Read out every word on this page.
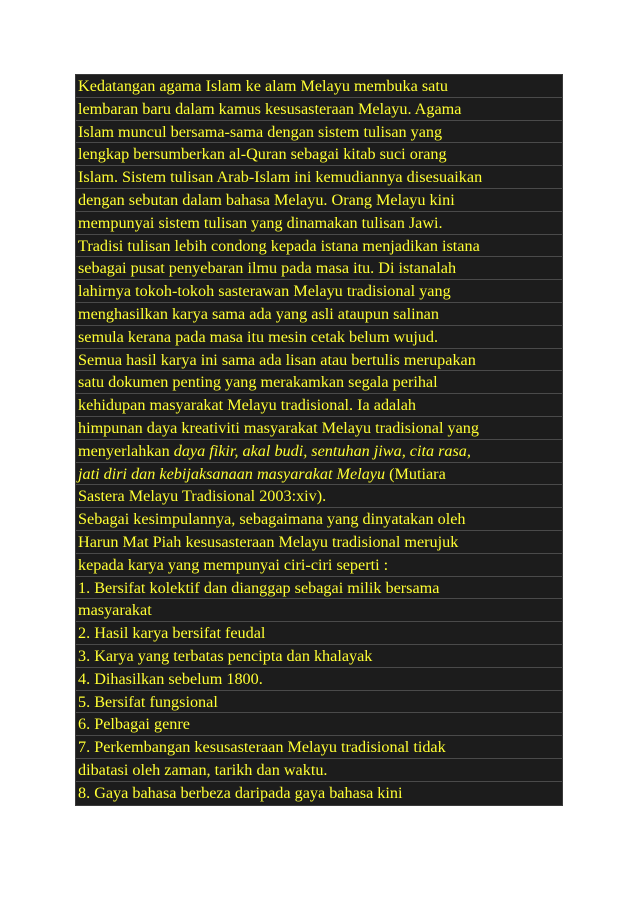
Kedatangan agama Islam ke alam Melayu membuka satu
lembaran baru dalam kamus kesusasteraan Melayu. Agama
Islam muncul bersama-sama dengan sistem tulisan yang
lengkap bersumberkan al-Quran sebagai kitab suci orang
Islam. Sistem tulisan Arab-Islam ini kemudiannya disesuaikan
dengan sebutan dalam bahasa Melayu. Orang Melayu kini
mempunyai sistem tulisan yang dinamakan tulisan Jawi.
Tradisi tulisan lebih condong kepada istana menjadikan istana
sebagai pusat penyebaran ilmu pada masa itu. Di istanalah
lahirnya tokoh-tokoh sasterawan Melayu tradisional yang
menghasilkan karya sama ada yang asli ataupun salinan
semula kerana pada masa itu mesin cetak belum wujud.
Semua hasil karya ini sama ada lisan atau bertulis merupakan
satu dokumen penting yang merakamkan segala perihal
kehidupan masyarakat Melayu tradisional. Ia adalah
himpunan daya kreativiti masyarakat Melayu tradisional yang
menyerlahkan daya fikir, akal budi, sentuhan jiwa, cita rasa,
jati diri dan kebijaksanaan masyarakat Melayu (Mutiara
Sastera Melayu Tradisional 2003:xiv).
Sebagai kesimpulannya, sebagaimana yang dinyatakan oleh
Harun Mat Piah kesusasteraan Melayu tradisional merujuk
kepada karya yang mempunyai ciri-ciri seperti :
1. Bersifat kolektif dan dianggap sebagai milik bersama
masyarakat
2. Hasil karya bersifat feudal
3. Karya yang terbatas pencipta dan khalayak
4. Dihasilkan sebelum 1800.
5. Bersifat fungsional
6. Pelbagai genre
7. Perkembangan kesusasteraan Melayu tradisional tidak
dibatasi oleh zaman, tarikh dan waktu.
8. Gaya bahasa berbeza daripada gaya bahasa kini
